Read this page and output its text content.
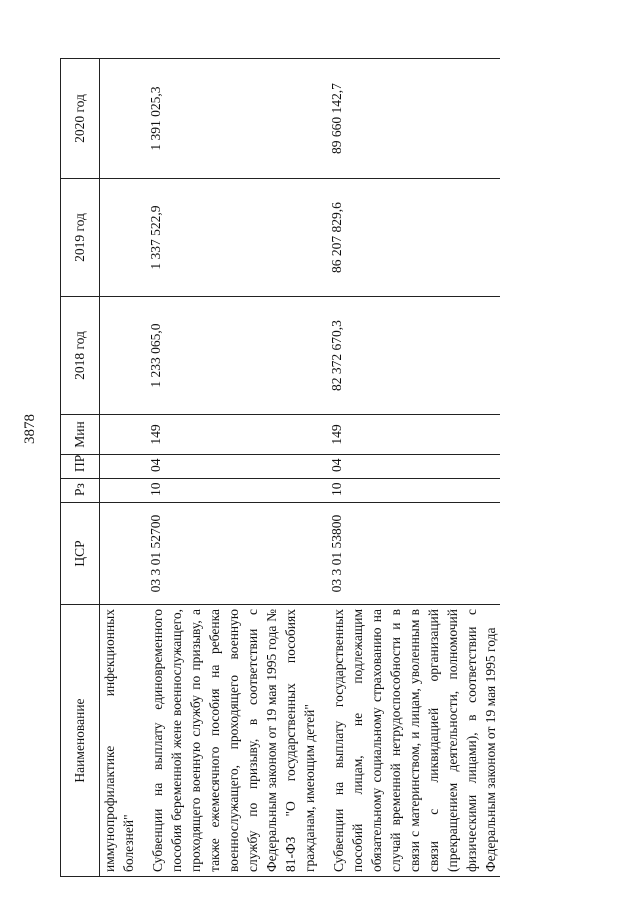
3878
Наименование	ЦСР	Рз	ПР	Мин	2018 год	2019 год	2020 год
иммунопрофилактике инфекционных болезней"							
Субвенции на выплату единовременного пособия беременной жене военнослужащего, проходящего военную службу по призыву, а также ежемесячного пособия на ребенка военнослужащего, проходящего военную службу по призыву, в соответствии с Федеральным законом от 19 мая 1995 года № 81-ФЗ "О государственных пособиях гражданам, имеющим детей"	03 3 01 52700	10	04	149	1 233 065,0	1 337 522,9	1 391 025,3
Субвенции на выплату государственных пособий лицам, не подлежащим обязательному социальному страхованию на случай временной нетрудоспособности и в связи с материнством, и лицам, уволенным в связи с ликвидацией организаций (прекращением деятельности, полномочий физическими лицами), в соответствии с Федеральным законом от 19 мая 1995 года	03 3 01 53800	10	04	149	82 372 670,3	86 207 829,6	89 660 142,7
